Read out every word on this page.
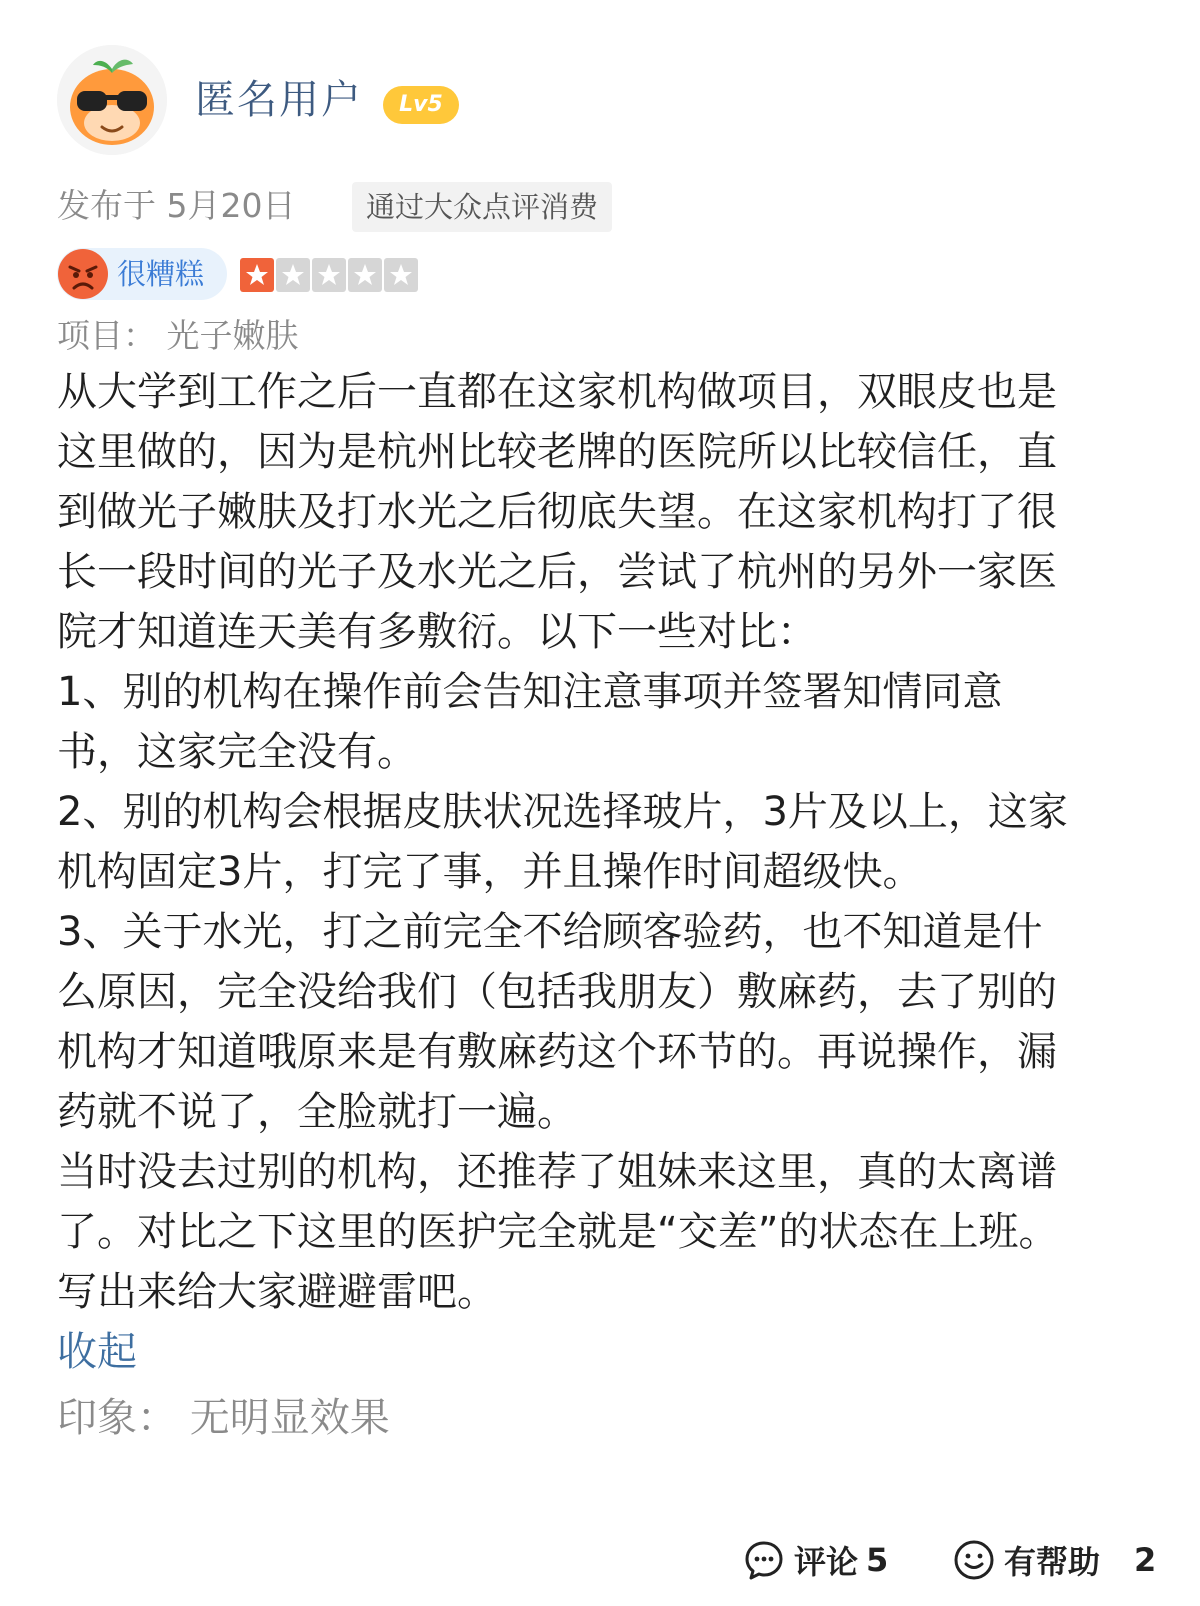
匿名用户	Lv5
发布于 5月20日	通过大众点评消费
很糟糕
项目： 光子嫩肤
从大学到工作之后一直都在这家机构做项目，双眼皮也是
这里做的，因为是杭州比较老牌的医院所以比较信任，直
到做光子嫩肤及打水光之后彻底失望。在这家机构打了很
长一段时间的光子及水光之后，尝试了杭州的另外一家医
院才知道连天美有多敷衍。以下一些对比：
1、别的机构在操作前会告知注意事项并签署知情同意
书，这家完全没有。
2、别的机构会根据皮肤状况选择玻片，3片及以上，这家
机构固定3片，打完了事，并且操作时间超级快。
3、关于水光，打之前完全不给顾客验药，也不知道是什
么原因，完全没给我们（包括我朋友）敷麻药，去了别的
机构才知道哦原来是有敷麻药这个环节的。再说操作，漏
药就不说了，全脸就打一遍。
当时没去过别的机构，还推荐了姐妹来这里，真的太离谱
了。对比之下这里的医护完全就是“交差”的状态在上班。
写出来给大家避避雷吧。
收起
印象： 无明显效果
评论 5	有帮助 2
